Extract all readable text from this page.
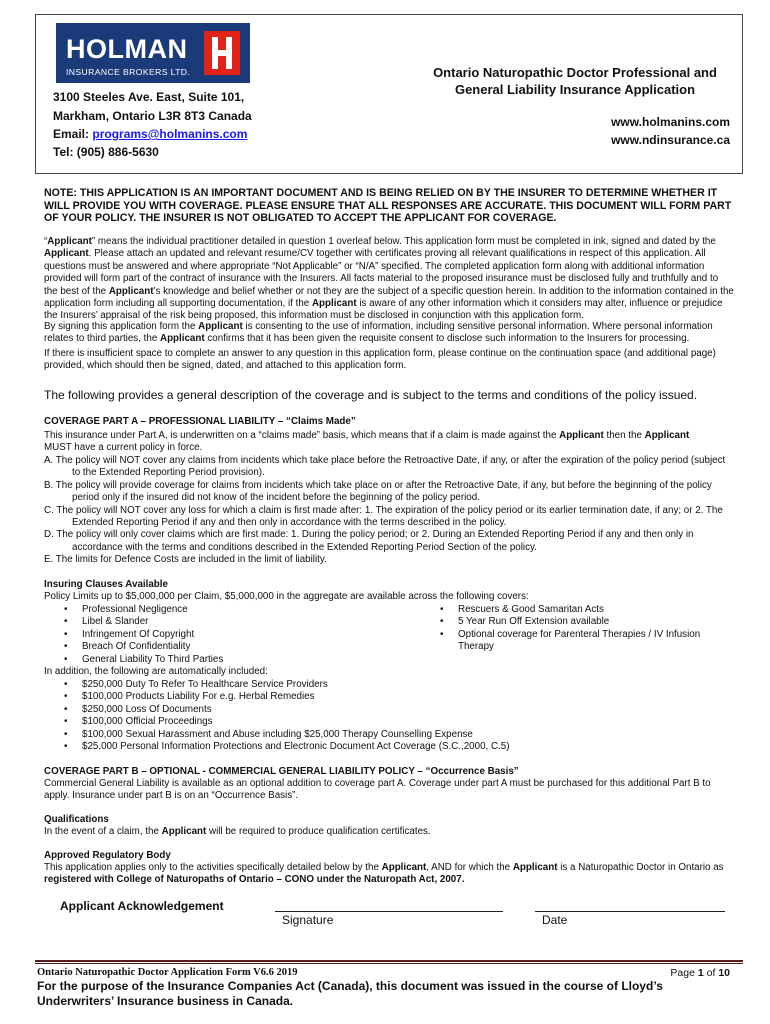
HOLMAN
INSURANCE BROKERS LTD.
3100 Steeles Ave. East, Suite 101,
Markham, Ontario L3R 8T3 Canada
Email: programs@holmanins.com
Tel: (905) 886-5630
Ontario Naturopathic Doctor Professional and General Liability Insurance Application
www.holmanins.com
www.ndinsurance.ca
NOTE: THIS APPLICATION IS AN IMPORTANT DOCUMENT AND IS BEING RELIED ON BY THE INSURER TO DETERMINE WHETHER IT WILL PROVIDE YOU WITH COVERAGE. PLEASE ENSURE THAT ALL RESPONSES ARE ACCURATE. THIS DOCUMENT WILL FORM PART OF YOUR POLICY. THE INSURER IS NOT OBLIGATED TO ACCEPT THE APPLICANT FOR COVERAGE.
“Applicant” means the individual practitioner detailed in question 1 overleaf below. This application form must be completed in ink, signed and dated by the Applicant. Please attach an updated and relevant resume/CV together with certificates proving all relevant qualifications in respect of this application. All questions must be answered and where appropriate “Not Applicable” or “N/A” specified. The completed application form along with additional information provided will form part of the contract of insurance with the Insurers. All facts material to the proposed insurance must be disclosed fully and truthfully and to the best of the Applicant’s knowledge and belief whether or not they are the subject of a specific question herein. In addition to the information contained in the application form including all supporting documentation, if the Applicant is aware of any other information which it considers may alter, influence or prejudice the Insurers’ appraisal of the risk being proposed, this information must be disclosed in conjunction with this application form.
By signing this application form the Applicant is consenting to the use of information, including sensitive personal information. Where personal information relates to third parties, the Applicant confirms that it has been given the requisite consent to disclose such information to the Insurers for processing.
If there is insufficient space to complete an answer to any question in this application form, please continue on the continuation space (and additional page) provided, which should then be signed, dated, and attached to this application form.
The following provides a general description of the coverage and is subject to the terms and conditions of the policy issued.
COVERAGE PART A – PROFESSIONAL LIABILITY – “Claims Made”
This insurance under Part A, is underwritten on a “claims made” basis, which means that if a claim is made against the Applicant then the Applicant
MUST have a current policy in force.
A. The policy will NOT cover any claims from incidents which take place before the Retroactive Date, if any, or after the expiration of the policy period (subject to the Extended Reporting Period provision).
B. The policy will provide coverage for claims from incidents which take place on or after the Retroactive Date, if any, but before the beginning of the policy period only if the insured did not know of the incident before the beginning of the policy period.
C. The policy will NOT cover any loss for which a claim is first made after: 1. The expiration of the policy period or its earlier termination date, if any; or 2. The Extended Reporting Period if any and then only in accordance with the terms described in the policy.
D. The policy will only cover claims which are first made: 1. During the policy period; or 2. During an Extended Reporting Period if any and then only in accordance with the terms and conditions described in the Extended Reporting Period Section of the policy.
E. The limits for Defence Costs are included in the limit of liability.
Insuring Clauses Available
Policy Limits up to $5,000,000 per Claim, $5,000,000 in the aggregate are available across the following covers:
• Professional Negligence
• Libel & Slander
• Infringement Of Copyright
• Breach Of Confidentiality
• General Liability To Third Parties
• Rescuers & Good Samaritan Acts
• 5 Year Run Off Extension available
• Optional coverage for Parenteral Therapies / IV Infusion Therapy
In addition, the following are automatically included:
• $250,000 Duty To Refer To Healthcare Service Providers
• $100,000 Products Liability For e.g. Herbal Remedies
• $250,000 Loss Of Documents
• $100,000 Official Proceedings
• $100,000 Sexual Harassment and Abuse including $25,000 Therapy Counselling Expense
• $25,000 Personal Information Protections and Electronic Document Act Coverage (S.C.,2000, C.5)
COVERAGE PART B – OPTIONAL - COMMERCIAL GENERAL LIABILITY POLICY – “Occurrence Basis”
Commercial General Liability is available as an optional addition to coverage part A. Coverage under part A must be purchased for this additional Part B to apply. Insurance under part B is on an “Occurrence Basis”.
Qualifications
In the event of a claim, the Applicant will be required to produce qualification certificates.
Approved Regulatory Body
This application applies only to the activities specifically detailed below by the Applicant, AND for which the Applicant is a Naturopathic Doctor in Ontario as registered with College of Naturopaths of Ontario – CONO under the Naturopath Act, 2007.
Applicant Acknowledgement
Signature	Date
Ontario Naturopathic Doctor Application Form V6.6 2019	Page 1 of 10
For the purpose of the Insurance Companies Act (Canada), this document was issued in the course of Lloyd’s Underwriters’ Insurance business in Canada.
